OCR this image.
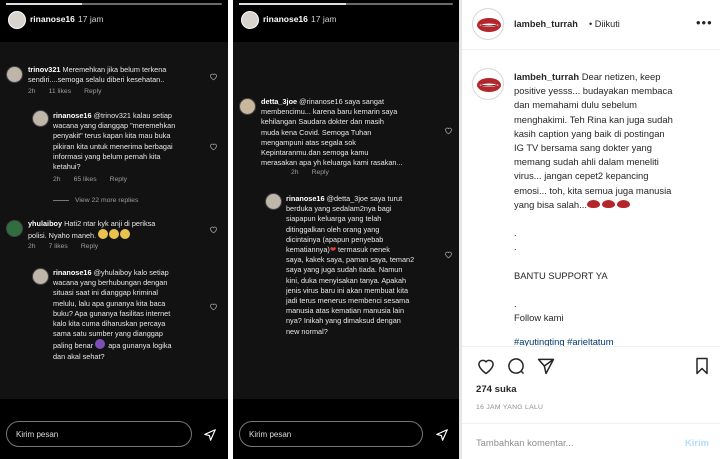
rinanose16 17 jam
trinov321 Meremehkan jika belum terkena
sendiri....semoga selalu diberi kesehatan..
2h 11 likes Reply
rinanose16 @trinov321 kalau setiap
wacana yang dianggap "meremehkan
penyakit" terus kapan kita mau buka
pikiran kita untuk menerima berbagai
informasi yang belum pernah kita
ketahui?
2h 65 likes Reply
View 22 more replies
yhulaiboy Hati2 ntar kyk anji di periksa
polisi. Nyaho maneh.
2h 7 likes Reply
rinanose16 @yhulaiboy kalo setiap
wacana yang berhubungan dengan
situasi saat ini dianggap kriminal
melulu, lalu apa gunanya kita baca
buku? Apa gunanya fasilitas internet
kalo kita cuma diharuskan percaya
sama satu sumber yang dianggap
paling benar apa gunanya logika
dan akal sehat?
Kirim pesan
rinanose16 17 jam
detta_3joe @rinanose16 saya sangat
membencimu... karena baru kemarin saya
kehilangan Saudara dokter dan masih
muda kena Covid. Semoga Tuhan
mengampuni atas segala sok
Kepintaranmu.dan semoga kamu
merasakan apa yh keluarga kami rasakan...
2h Reply
rinanose16 @detta_3joe saya turut
berduka yang sedalam2nya bagi
siapapun keluarga yang telah
ditinggalkan oleh orang yang
dicintainya (apapun penyebab
kematiannya)❤ termasuk nenek
saya, kakek saya, paman saya, teman2
saya yang juga sudah tiada. Namun
kini, duka menyisakan tanya. Apakah
jenis virus baru ini akan membuat kita
jadi terus menerus membenci sesama
manusia atas kematian manusia lain
nya? Inikah yang dimaksud dengan
new normal?
Kirim pesan
lambeh_turrah • Diikuti	•••
lambeh_turrah Dear netizen, keep
positive yesss... budayakan membaca
dan memahami dulu sebelum
menghakimi. Teh Rina kan juga sudah
kasih caption yang baik di postingan
IG TV bersama sang dokter yang
memang sudah ahli dalam meneliti
virus... jangan cepet2 kepancing
emosi... toh, kita semua juga manusia
yang bisa salah...
.
.
BANTU SUPPORT YA
.
Follow kami
#ayutingting #arieltatum
274 suka
16 JAM YANG LALU
Tambahkan komentar...	Kirim
